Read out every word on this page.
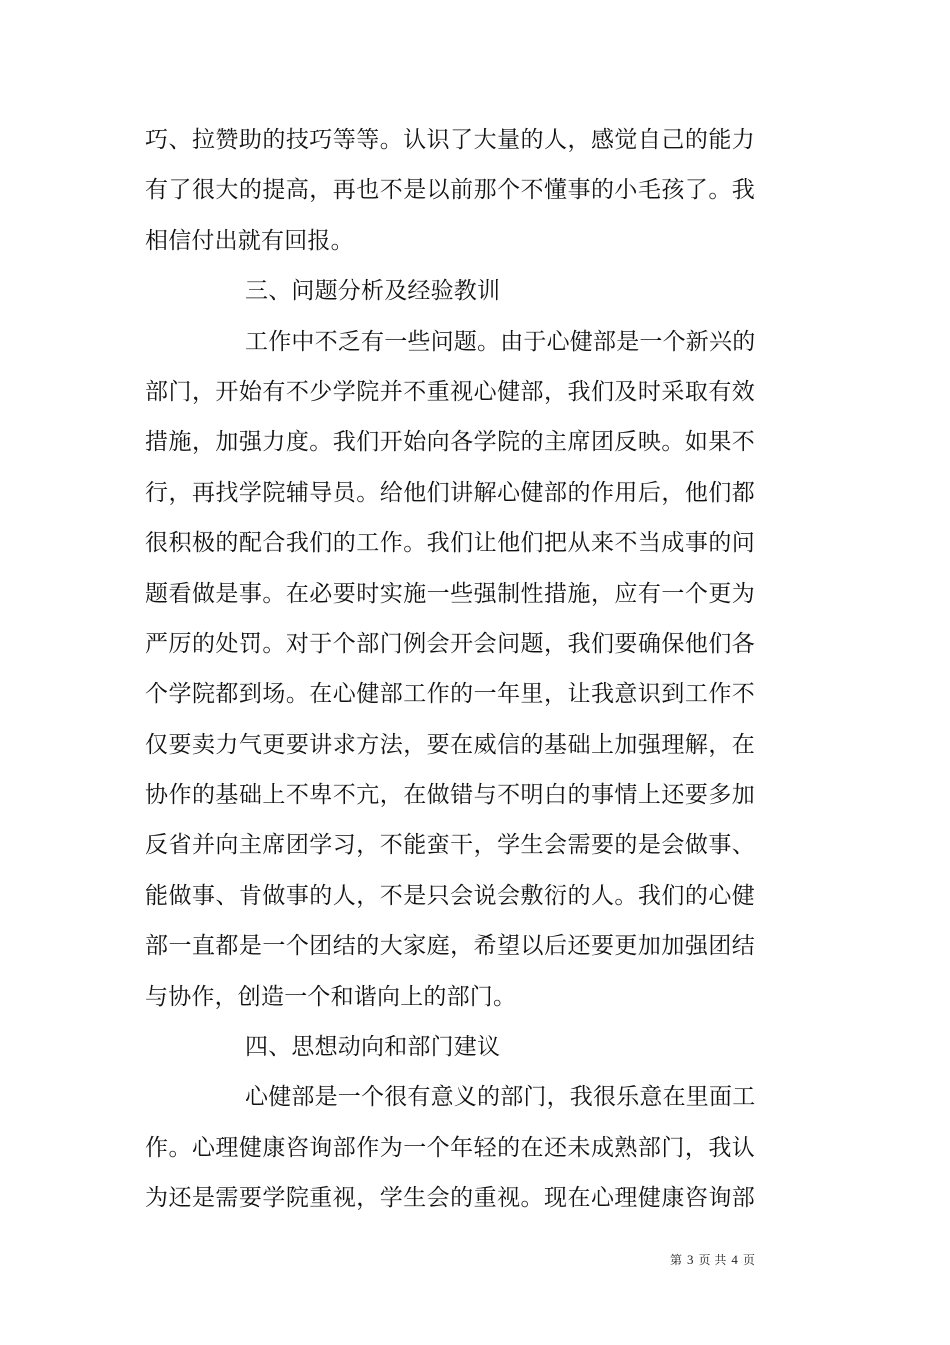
巧、拉赞助的技巧等等。认识了大量的人，感觉自己的能力
有了很大的提高，再也不是以前那个不懂事的小毛孩了。我
相信付出就有回报。
三、问题分析及经验教训
工作中不乏有一些问题。由于心健部是一个新兴的
部门，开始有不少学院并不重视心健部，我们及时采取有效
措施，加强力度。我们开始向各学院的主席团反映。如果不
行，再找学院辅导员。给他们讲解心健部的作用后，他们都
很积极的配合我们的工作。我们让他们把从来不当成事的问
题看做是事。在必要时实施一些强制性措施，应有一个更为
严厉的处罚。对于个部门例会开会问题，我们要确保他们各
个学院都到场。在心健部工作的一年里，让我意识到工作不
仅要卖力气更要讲求方法，要在威信的基础上加强理解，在
协作的基础上不卑不亢，在做错与不明白的事情上还要多加
反省并向主席团学习，不能蛮干，学生会需要的是会做事、
能做事、肯做事的人，不是只会说会敷衍的人。我们的心健
部一直都是一个团结的大家庭，希望以后还要更加加强团结
与协作，创造一个和谐向上的部门。
四、思想动向和部门建议
心健部是一个很有意义的部门，我很乐意在里面工
作。心理健康咨询部作为一个年轻的在还未成熟部门，我认
为还是需要学院重视，学生会的重视。现在心理健康咨询部
第 3 页 共 4 页
